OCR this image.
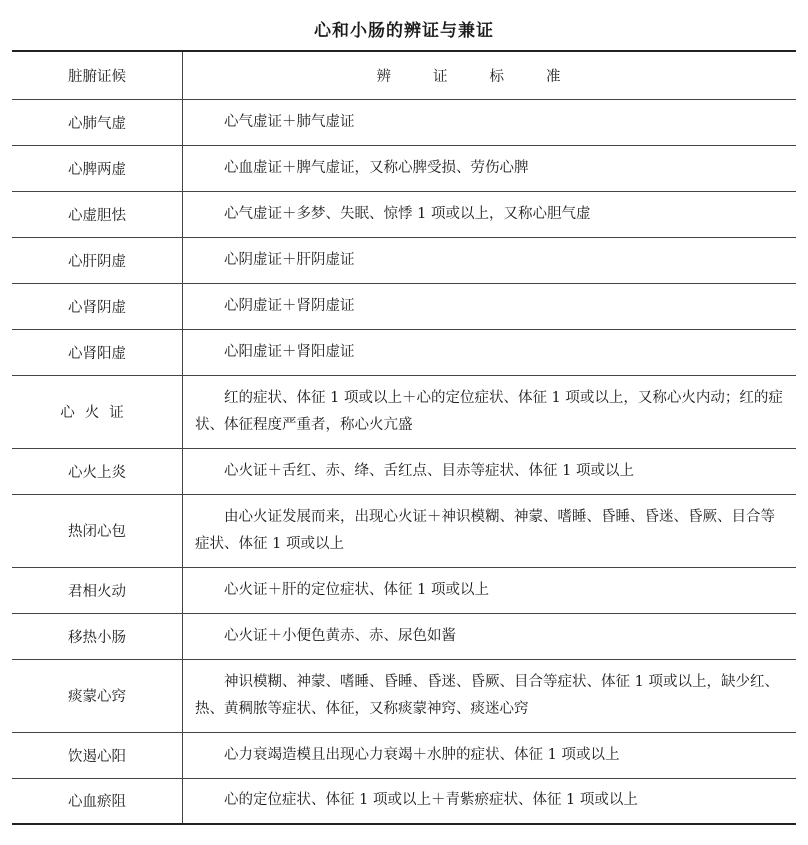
心和小肠的辨证与兼证
脏腑证候	辨证标准
心肺气虚	心气虚证＋肺气虚证
心脾两虚	心血虚证＋脾气虚证，又称心脾受损、劳伤心脾
心虚胆怯	心气虚证＋多梦、失眠、惊悸 1 项或以上，又称心胆气虚
心肝阴虚	心阴虚证＋肝阴虚证
心肾阴虚	心阴虚证＋肾阴虚证
心肾阳虚	心阳虚证＋肾阳虚证
心火证	红的症状、体征 1 项或以上＋心的定位症状、体征 1 项或以上，又称心火内动；红的症状、体征程度严重者，称心火亢盛
心火上炎	心火证＋舌红、赤、绛、舌红点、目赤等症状、体征 1 项或以上
热闭心包	由心火证发展而来，出现心火证＋神识模糊、神蒙、嗜睡、昏睡、昏迷、昏厥、目合等症状、体征 1 项或以上
君相火动	心火证＋肝的定位症状、体征 1 项或以上
移热小肠	心火证＋小便色黄赤、赤、尿色如酱
痰蒙心窍	神识模糊、神蒙、嗜睡、昏睡、昏迷、昏厥、目合等症状、体征 1 项或以上，缺少红、热、黄稠脓等症状、体征，又称痰蒙神窍、痰迷心窍
饮遏心阳	心力衰竭造模且出现心力衰竭＋水肿的症状、体征 1 项或以上
心血瘀阻	心的定位症状、体征 1 项或以上＋青紫瘀症状、体征 1 项或以上
